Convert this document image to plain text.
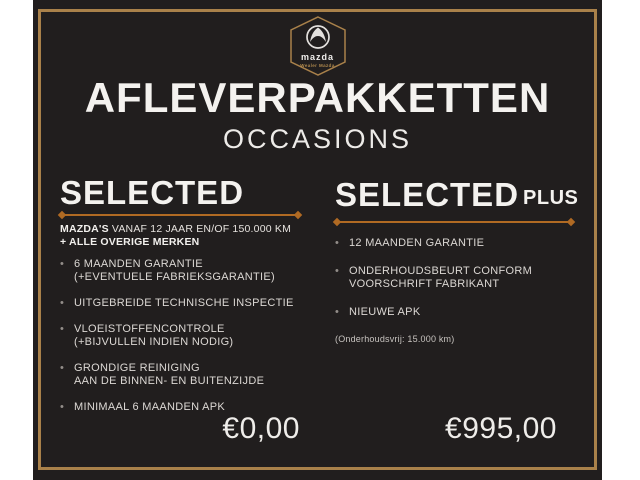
mazda
Wealer Mazda
AFLEVERPAKKETTEN
OCCASIONS
SELECTED
MAZDA'S VANAF 12 JAAR EN/OF 150.000 KM
+ ALLE OVERIGE MERKEN
• 6 MAANDEN GARANTIE
(+EVENTUELE FABRIEKSGARANTIE)
• UITGEBREIDE TECHNISCHE INSPECTIE
• VLOEISTOFFENCONTROLE
(+BIJVULLEN INDIEN NODIG)
• GRONDIGE REINIGING
AAN DE BINNEN- EN BUITENZIJDE
• MINIMAAL 6 MAANDEN APK
SELECTED PLUS
• 12 MAANDEN GARANTIE
• ONDERHOUDSBEURT CONFORM
VOORSCHRIFT FABRIKANT
• NIEUWE APK
(Onderhoudsvrij: 15.000 km)
€0,00	€995,00
